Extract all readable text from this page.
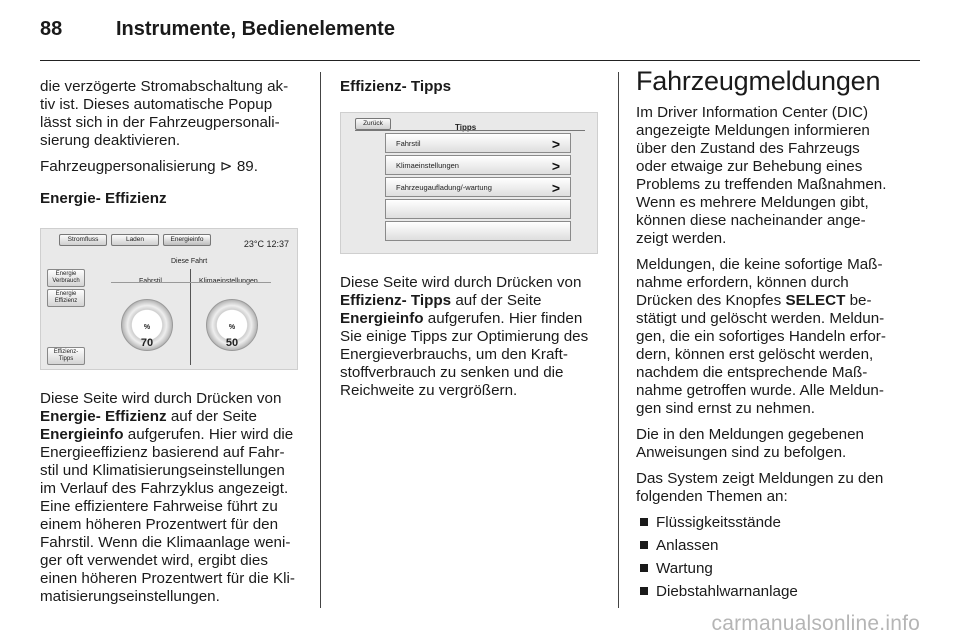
88	Instrumente, Bedienelemente

die verzögerte Stromabschaltung ak-
tiv ist. Dieses automatische Popup
lässt sich in der Fahrzeugpersonali-
sierung deaktivieren.

Fahrzeugpersonalisierung ⊳ 89.

Energie- Effizienz
Stromfluss	Laden	Energieinfo	23°C 12:37
Diese Fahrt
Energie Verbrauch
Energie Effizienz
Effizienz- Tipps
Fahrstil	Klimaeinstellungen
70
%
50
%

Diese Seite wird durch Drücken von
Energie- Effizienz auf der Seite
Energieinfo aufgerufen. Hier wird die
Energieeffizienz basierend auf Fahr-
stil und Klimatisierungseinstellungen
im Verlauf des Fahrzyklus angezeigt.
Eine effizientere Fahrweise führt zu
einem höheren Prozentwert für den
Fahrstil. Wenn die Klimaanlage weni-
ger oft verwendet wird, ergibt dies
einen höheren Prozentwert für die Kli-
matisierungseinstellungen.

Effizienz- Tipps
Zurück	Tipps
Fahrstil	>
Klimaeinstellungen	>
Fahrzeugaufladung/-wartung	>

Diese Seite wird durch Drücken von
Effizienz- Tipps auf der Seite
Energieinfo aufgerufen. Hier finden
Sie einige Tipps zur Optimierung des
Energieverbrauchs, um den Kraft-
stoffverbrauch zu senken und die
Reichweite zu vergrößern.

Fahrzeugmeldungen

Im Driver Information Center (DIC)
angezeigte Meldungen informieren
über den Zustand des Fahrzeugs
oder etwaige zur Behebung eines
Problems zu treffenden Maßnahmen.
Wenn es mehrere Meldungen gibt,
können diese nacheinander ange-
zeigt werden.

Meldungen, die keine sofortige Maß-
nahme erfordern, können durch
Drücken des Knopfes SELECT be-
stätigt und gelöscht werden. Meldun-
gen, die ein sofortiges Handeln erfor-
dern, können erst gelöscht werden,
nachdem die entsprechende Maß-
nahme getroffen wurde. Alle Meldun-
gen sind ernst zu nehmen.

Die in den Meldungen gegebenen
Anweisungen sind zu befolgen.

Das System zeigt Meldungen zu den
folgenden Themen an:

Flüssigkeitsstände
Anlassen
Wartung
Diebstahlwarnanlage
carmanualsonline.info
